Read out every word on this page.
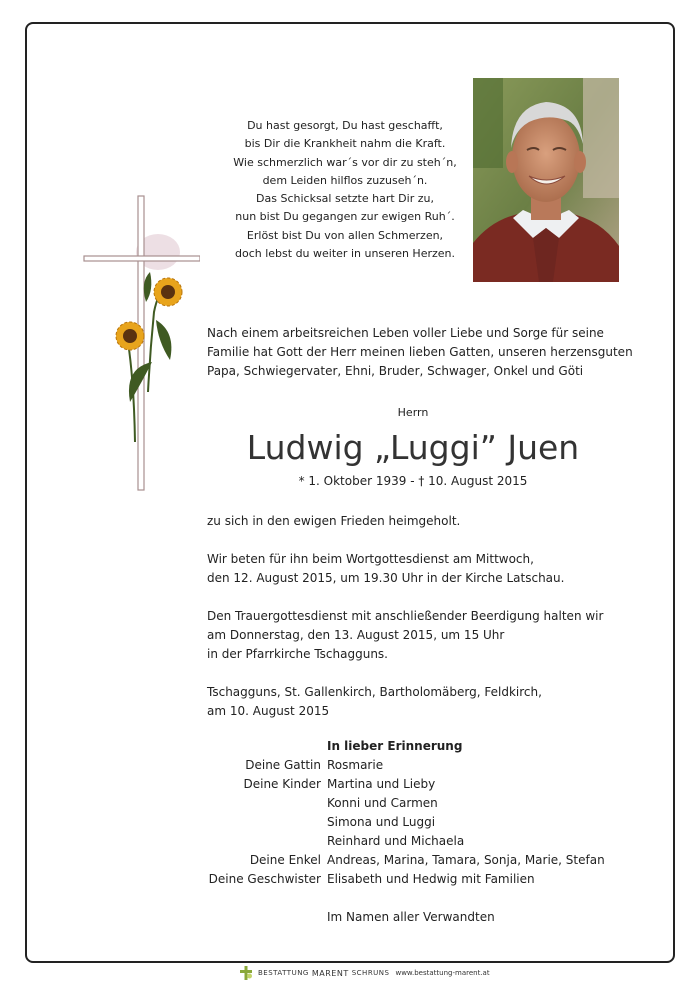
Du hast gesorgt, Du hast geschafft,
bis Dir die Krankheit nahm die Kraft.
Wie schmerzlich war´s vor dir zu steh´n,
dem Leiden hilflos zuzuseh´n.
Das Schicksal setzte hart Dir zu,
nun bist Du gegangen zur ewigen Ruh´.
Erlöst bist Du von allen Schmerzen,
doch lebst du weiter in unseren Herzen.
Nach einem arbeitsreichen Leben voller Liebe und Sorge für seine
Familie hat Gott der Herr meinen lieben Gatten, unseren herzensguten
Papa, Schwiegervater, Ehni, Bruder, Schwager, Onkel und Göti
Herrn
Ludwig „Luggi” Juen
* 1. Oktober 1939 - † 10. August 2015
zu sich in den ewigen Frieden heimgeholt.
Wir beten für ihn beim Wortgottesdienst am Mittwoch,
den 12. August 2015, um 19.30 Uhr in der Kirche Latschau.
Den Trauergottesdienst mit anschließender Beerdigung halten wir
am Donnerstag, den 13. August 2015, um 15 Uhr
in der Pfarrkirche Tschagguns.
Tschagguns, St. Gallenkirch, Bartholomäberg, Feldkirch,
am 10. August 2015
In lieber Erinnerung
Deine Gattin Rosmarie
Deine Kinder Martina und Lieby
Konni und Carmen
Simona und Luggi
Reinhard und Michaela
Deine Enkel Andreas, Marina, Tamara, Sonja, Marie, Stefan
Deine Geschwister Elisabeth und Hedwig mit Familien
Im Namen aller Verwandten
BESTATTUNG MARENT SCHRUNS www.bestattung-marent.at
